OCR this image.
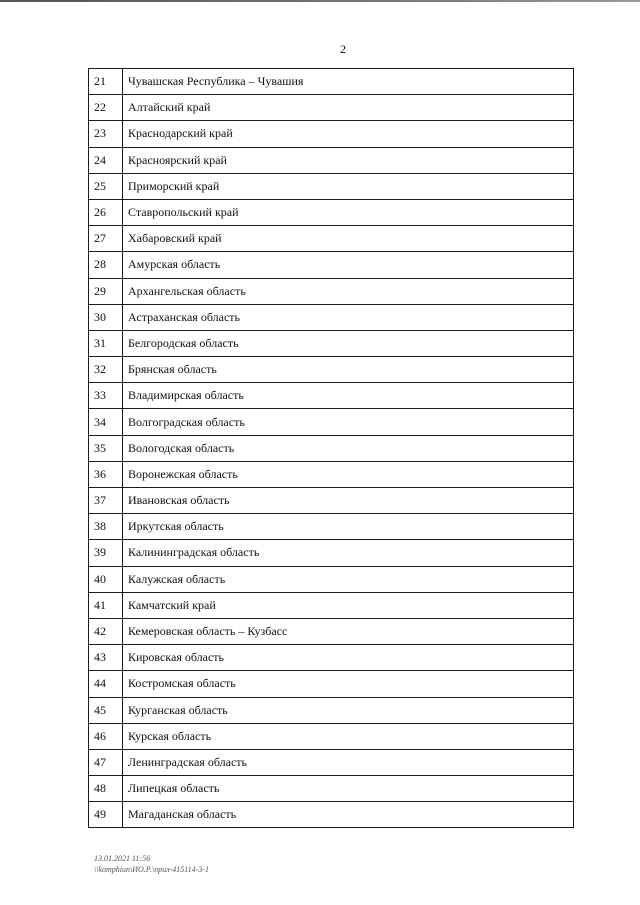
2
21	Чувашская Республика – Чувашия
22	Алтайский край
23	Краснодарский край
24	Красноярский край
25	Приморский край
26	Ставропольский край
27	Хабаровский край
28	Амурская область
29	Архангельская область
30	Астраханская область
31	Белгородская область
32	Брянская область
33	Владимирская область
34	Волгоградская область
35	Вологодская область
36	Воронежская область
37	Ивановская область
38	Иркутская область
39	Калининградская область
40	Калужская область
41	Камчатский край
42	Кемеровская область – Кузбасс
43	Кировская область
44	Костромская область
45	Курганская область
46	Курская область
47	Ленинградская область
48	Липецкая область
49	Магаданская область
13.01.2021 11:56
\\komphiun\ИО.Р.\прил-415114-3-1
